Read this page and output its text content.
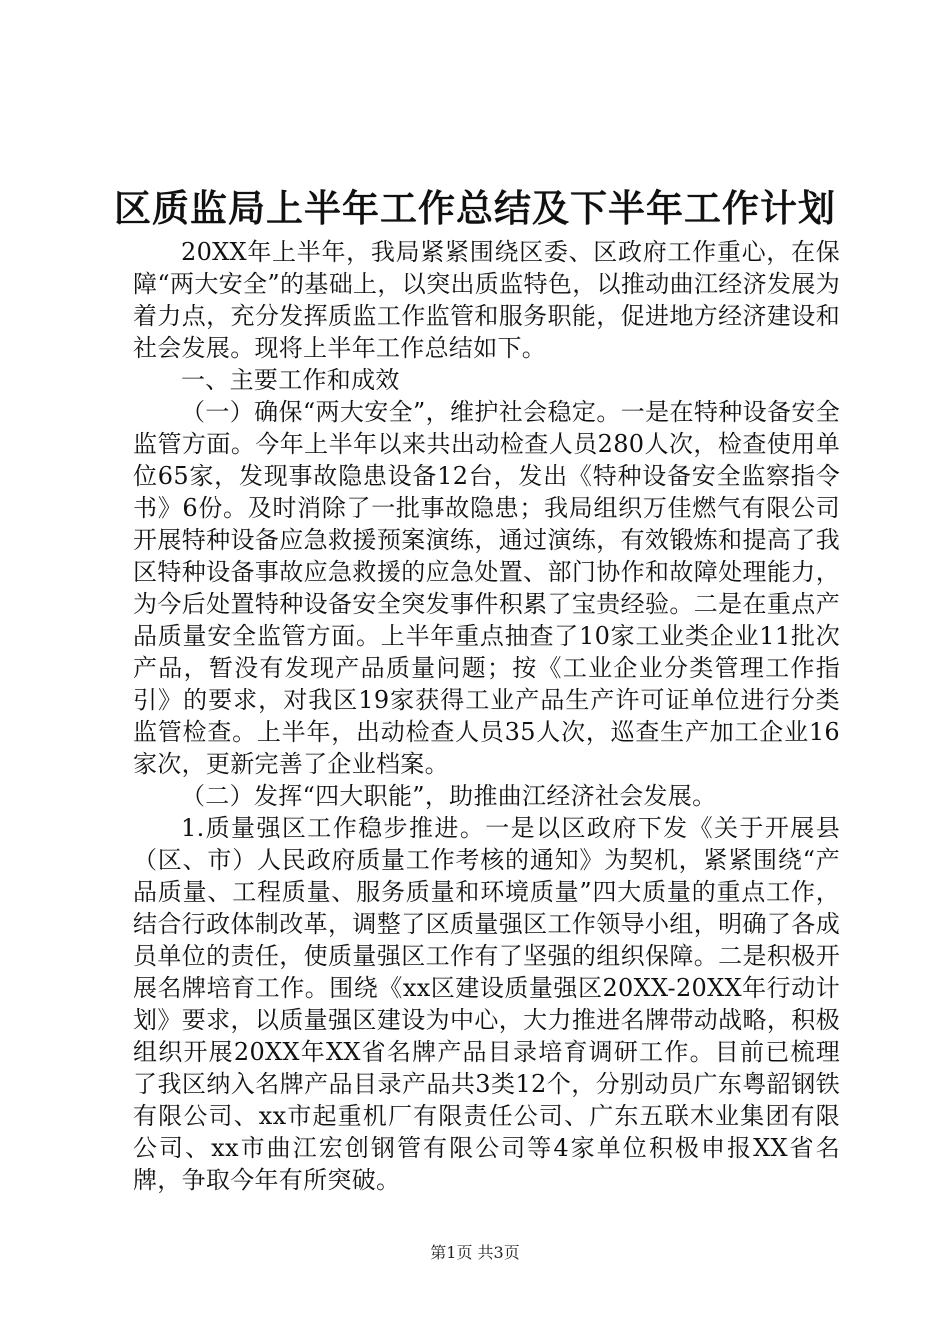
区质监局上半年工作总结及下半年工作计划

20XX年上半年，我局紧紧围绕区委、区政府工作重心，在保障“两大安全”的基础上，以突出质监特色，以推动曲江经济发展为着力点，充分发挥质监工作监管和服务职能，促进地方经济建设和社会发展。现将上半年工作总结如下。

一、主要工作和成效

（一）确保“两大安全”，维护社会稳定。一是在特种设备安全监管方面。今年上半年以来共出动检查人员280人次，检查使用单位65家，发现事故隐患设备12台，发出《特种设备安全监察指令书》6份。及时消除了一批事故隐患；我局组织万佳燃气有限公司开展特种设备应急救援预案演练，通过演练，有效锻炼和提高了我区特种设备事故应急救援的应急处置、部门协作和故障处理能力，为今后处置特种设备安全突发事件积累了宝贵经验。二是在重点产品质量安全监管方面。上半年重点抽查了10家工业类企业11批次产品，暂没有发现产品质量问题；按《工业企业分类管理工作指引》的要求，对我区19家获得工业产品生产许可证单位进行分类监管检查。上半年，出动检查人员35人次，巡查生产加工企业16家次，更新完善了企业档案。

（二）发挥“四大职能”，助推曲江经济社会发展。

1.质量强区工作稳步推进。一是以区政府下发《关于开展县（区、市）人民政府质量工作考核的通知》为契机，紧紧围绕“产品质量、工程质量、服务质量和环境质量”四大质量的重点工作，结合行政体制改革，调整了区质量强区工作领导小组，明确了各成员单位的责任，使质量强区工作有了坚强的组织保障。二是积极开展名牌培育工作。围绕《xx区建设质量强区20XX-20XX年行动计划》要求，以质量强区建设为中心，大力推进名牌带动战略，积极组织开展20XX年XX省名牌产品目录培育调研工作。目前已梳理了我区纳入名牌产品目录产品共3类12个，分别动员广东粤韶钢铁有限公司、xx市起重机厂有限责任公司、广东五联木业集团有限公司、xx市曲江宏创钢管有限公司等4家单位积极申报XX省名牌，争取今年有所突破。

第1页 共3页
